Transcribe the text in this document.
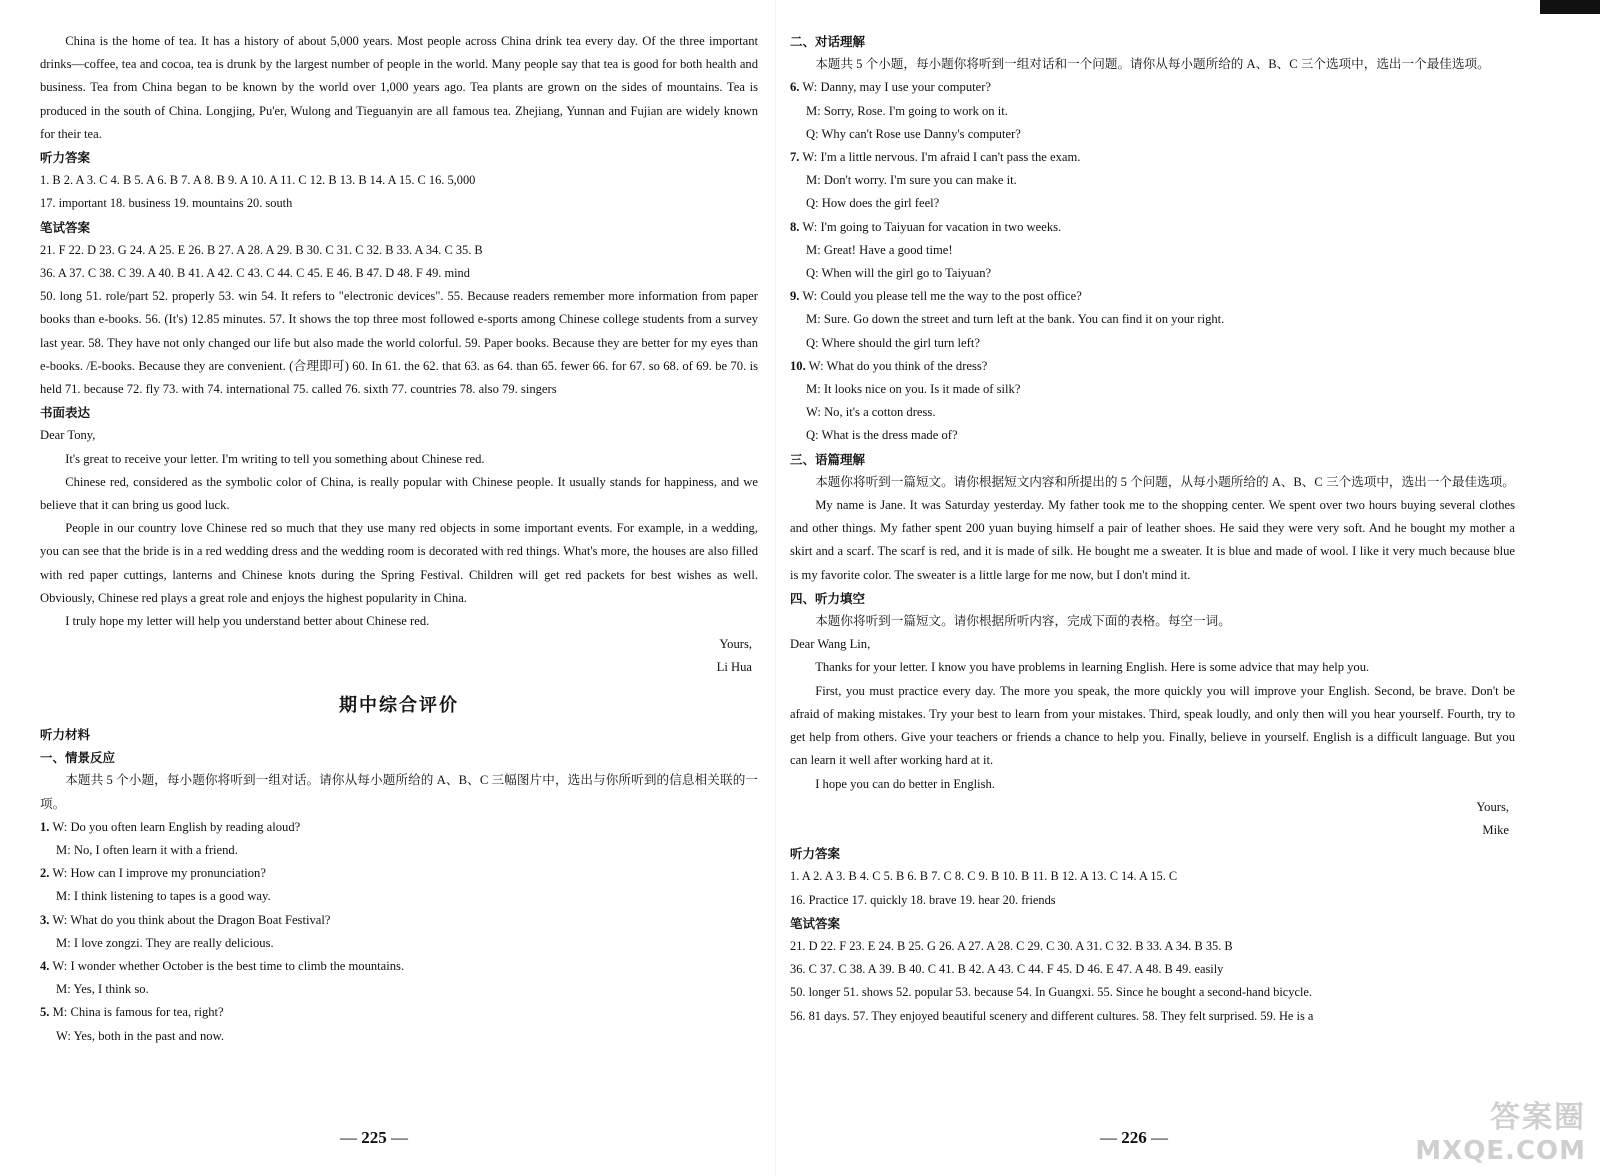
China is the home of tea. It has a history of about 5,000 years. Most people across China drink tea every day. Of the three important drinks—coffee, tea and cocoa, tea is drunk by the largest number of people in the world. Many people say that tea is good for both health and business. Tea from China began to be known by the world over 1,000 years ago. Tea plants are grown on the sides of mountains. Tea is produced in the south of China. Longjing, Pu'er, Wulong and Tieguanyin are all famous tea. Zhejiang, Yunnan and Fujian are widely known for their tea.

听力答案

1. B 2. A 3. C 4. B 5. A 6. B 7. A 8. B 9. A 10. A 11. C 12. B 13. B 14. A 15. C 16. 5,000

17. important 18. business 19. mountains 20. south

笔试答案

21. F 22. D 23. G 24. A 25. E 26. B 27. A 28. A 29. B 30. C 31. C 32. B 33. A 34. C 35. B

36. A 37. C 38. C 39. A 40. B 41. A 42. C 43. C 44. C 45. E 46. B 47. D 48. F 49. mind

50. long 51. role/part 52. properly 53. win 54. It refers to "electronic devices". 55. Because readers remember more information from paper books than e-books. 56. (It's) 12.85 minutes. 57. It shows the top three most followed e-sports among Chinese college students from a survey last year. 58. They have not only changed our life but also made the world colorful. 59. Paper books. Because they are better for my eyes than e-books. /E-books. Because they are convenient. (合理即可) 60. In 61. the 62. that 63. as 64. than 65. fewer 66. for 67. so 68. of 69. be 70. is held 71. because 72. fly 73. with 74. international 75. called 76. sixth 77. countries 78. also 79. singers

书面表达

Dear Tony,

It's great to receive your letter. I'm writing to tell you something about Chinese red.

Chinese red, considered as the symbolic color of China, is really popular with Chinese people. It usually stands for happiness, and we believe that it can bring us good luck.

People in our country love Chinese red so much that they use many red objects in some important events. For example, in a wedding, you can see that the bride is in a red wedding dress and the wedding room is decorated with red things. What's more, the houses are also filled with red paper cuttings, lanterns and Chinese knots during the Spring Festival. Children will get red packets for best wishes as well. Obviously, Chinese red plays a great role and enjoys the highest popularity in China.

I truly hope my letter will help you understand better about Chinese red.

Yours,

Li Hua

期中综合评价

听力材料

一、情景反应

本题共 5 个小题，每小题你将听到一组对话。请你从每小题所给的 A、B、C 三幅图片中，选出与你所听到的信息相关联的一项。

1. W: Do you often learn English by reading aloud?

M: No, I often learn it with a friend.

2. W: How can I improve my pronunciation?

M: I think listening to tapes is a good way.

3. W: What do you think about the Dragon Boat Festival?

M: I love zongzi. They are really delicious.

4. W: I wonder whether October is the best time to climb the mountains.

M: Yes, I think so.

5. M: China is famous for tea, right?

W: Yes, both in the past and now.

— 225 —

二、对话理解

本题共 5 个小题，每小题你将听到一组对话和一个问题。请你从每小题所给的 A、B、C 三个选项中，选出一个最佳选项。

6. W: Danny, may I use your computer?

M: Sorry, Rose. I'm going to work on it.

Q: Why can't Rose use Danny's computer?

7. W: I'm a little nervous. I'm afraid I can't pass the exam.

M: Don't worry. I'm sure you can make it.

Q: How does the girl feel?

8. W: I'm going to Taiyuan for vacation in two weeks.

M: Great! Have a good time!

Q: When will the girl go to Taiyuan?

9. W: Could you please tell me the way to the post office?

M: Sure. Go down the street and turn left at the bank. You can find it on your right.

Q: Where should the girl turn left?

10. W: What do you think of the dress?

M: It looks nice on you. Is it made of silk?

W: No, it's a cotton dress.

Q: What is the dress made of?

三、语篇理解

本题你将听到一篇短文。请你根据短文内容和所提出的 5 个问题，从每小题所给的 A、B、C 三个选项中，选出一个最佳选项。

My name is Jane. It was Saturday yesterday. My father took me to the shopping center. We spent over two hours buying several clothes and other things. My father spent 200 yuan buying himself a pair of leather shoes. He said they were very soft. And he bought my mother a skirt and a scarf. The scarf is red, and it is made of silk. He bought me a sweater. It is blue and made of wool. I like it very much because blue is my favorite color. The sweater is a little large for me now, but I don't mind it.

四、听力填空

本题你将听到一篇短文。请你根据所听内容，完成下面的表格。每空一词。

Dear Wang Lin,

Thanks for your letter. I know you have problems in learning English. Here is some advice that may help you.

First, you must practice every day. The more you speak, the more quickly you will improve your English. Second, be brave. Don't be afraid of making mistakes. Try your best to learn from your mistakes. Third, speak loudly, and only then will you hear yourself. Fourth, try to get help from others. Give your teachers or friends a chance to help you. Finally, believe in yourself. English is a difficult language. But you can learn it well after working hard at it.

I hope you can do better in English.

Yours,

Mike

听力答案

1. A 2. A 3. B 4. C 5. B 6. B 7. C 8. C 9. B 10. B 11. B 12. A 13. C 14. A 15. C

16. Practice 17. quickly 18. brave 19. hear 20. friends

笔试答案

21. D 22. F 23. E 24. B 25. G 26. A 27. A 28. C 29. C 30. A 31. C 32. B 33. A 34. B 35. B

36. C 37. C 38. A 39. B 40. C 41. B 42. A 43. C 44. F 45. D 46. E 47. A 48. B 49. easily

50. longer 51. shows 52. popular 53. because 54. In Guangxi. 55. Since he bought a second-hand bicycle.

56. 81 days. 57. They enjoyed beautiful scenery and different cultures. 58. They felt surprised. 59. He is a

— 226 —
答案圈
MXQE.COM
